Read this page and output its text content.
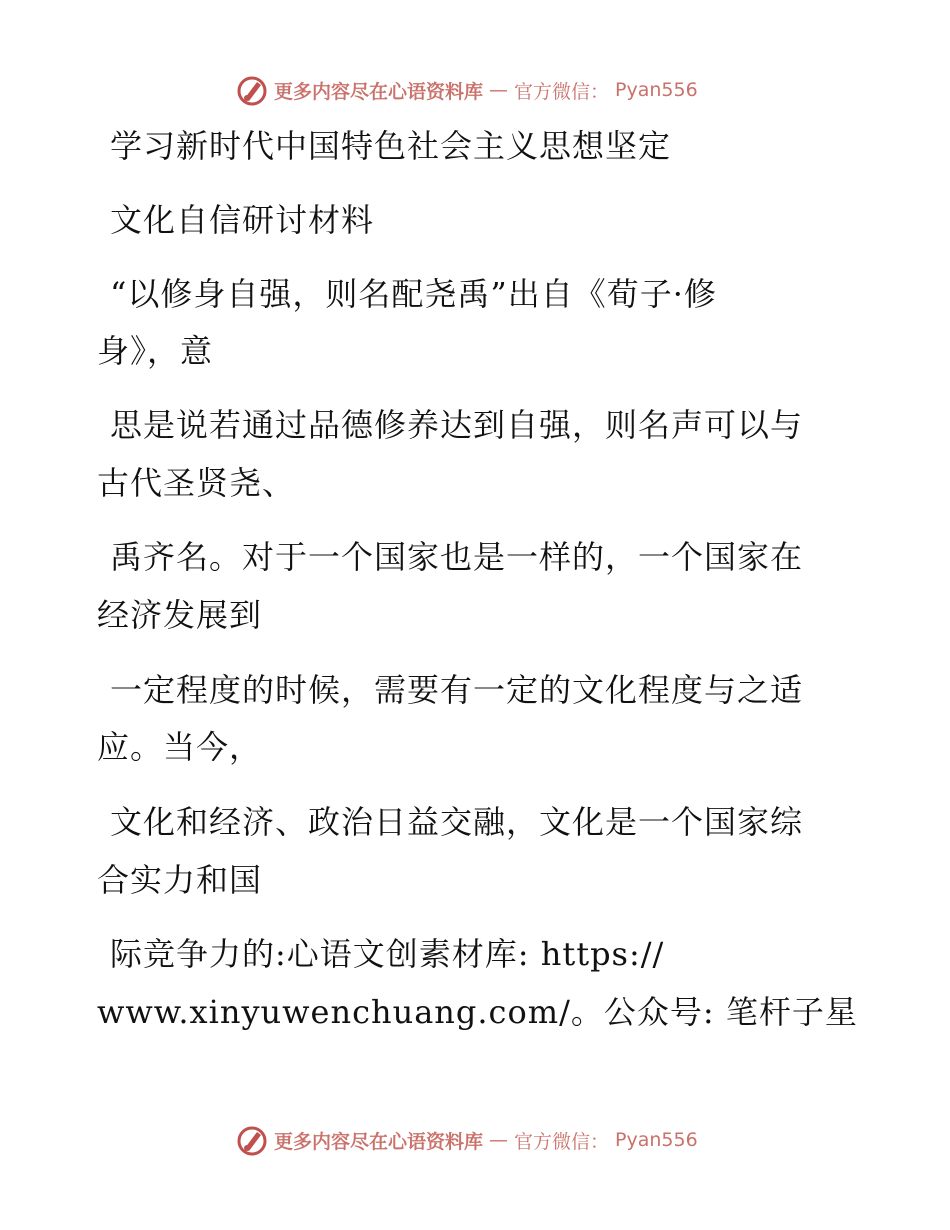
更多内容尽在心语资料库 — 官方微信： Pyan556
学习新时代中国特色社会主义思想坚定
文化自信研讨材料
“以修身自强，则名配尧禹”出自《荀子·修
身》，意
思是说若通过品德修养达到自强，则名声可以与
古代圣贤尧、
禹齐名。对于一个国家也是一样的，一个国家在
经济发展到
一定程度的时候，需要有一定的文化程度与之适
应。当今，
文化和经济、政治日益交融，文化是一个国家综
合实力和国
际竞争力的:心语文创素材库: https://
www.xinyuwenchuang.com/。公众号: 笔杆子星
更多内容尽在心语资料库 — 官方微信： Pyan556
